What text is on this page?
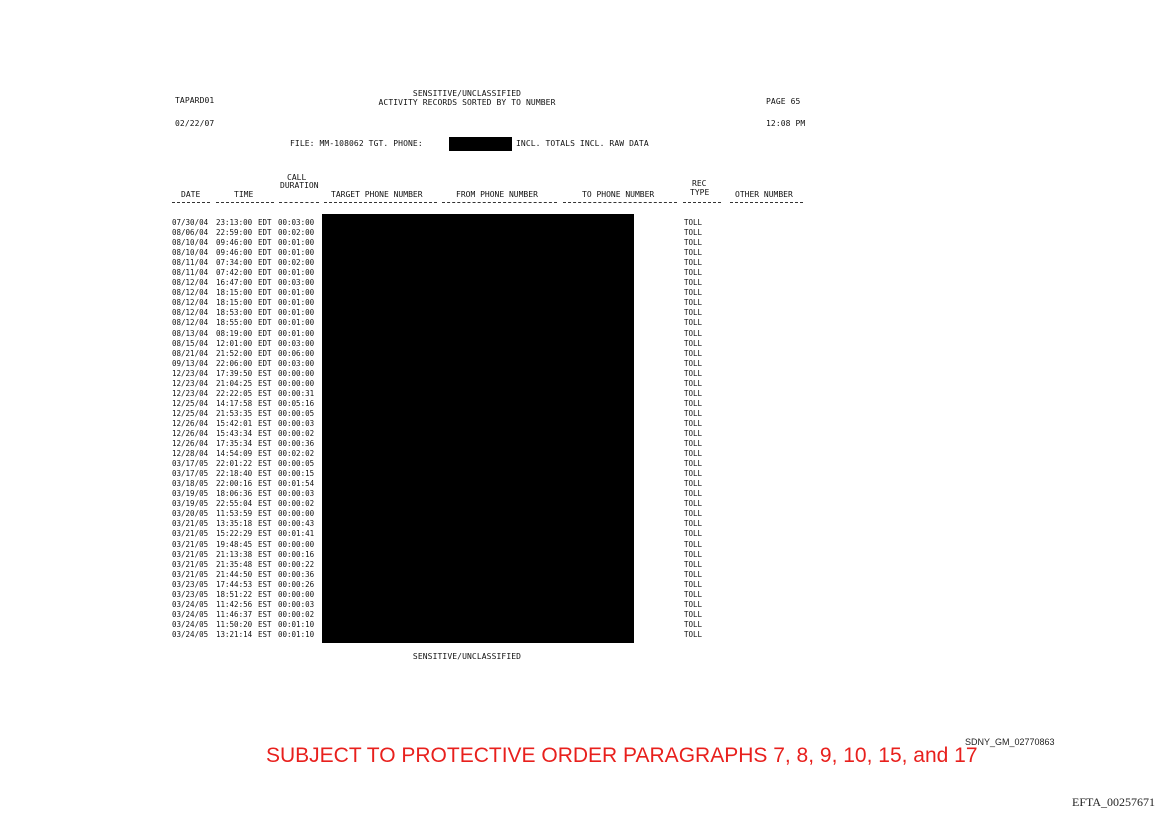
TAPARD01
SENSITIVE/UNCLASSIFIED
ACTIVITY RECORDS SORTED BY TO NUMBER	PAGE 65
02/22/07	12:08 PM
FILE: MM-108062 TGT. PHONE:	INCL. TOTALS INCL. RAW DATA
CALL
DURATION
DATE	TIME	TARGET PHONE NUMBER	FROM PHONE NUMBER	TO PHONE NUMBER
REC
TYPE	OTHER NUMBER
07/30/04 23:13:00 EDT 00:03:00	TOLL
08/06/04 22:59:00 EDT 00:02:00	TOLL
08/10/04 09:46:00 EDT 00:01:00	TOLL
08/10/04 09:46:00 EDT 00:01:00	TOLL
08/11/04 07:34:00 EDT 00:02:00	TOLL
08/11/04 07:42:00 EDT 00:01:00	TOLL
08/12/04 16:47:00 EDT 00:03:00	TOLL
08/12/04 18:15:00 EDT 00:01:00	TOLL
08/12/04 18:15:00 EDT 00:01:00	TOLL
08/12/04 18:53:00 EDT 00:01:00	TOLL
08/12/04 18:55:00 EDT 00:01:00	TOLL
08/13/04 08:19:00 EDT 00:01:00	TOLL
08/15/04 12:01:00 EDT 00:03:00	TOLL
08/21/04 21:52:00 EDT 00:06:00	TOLL
09/13/04 22:06:00 EDT 00:03:00	TOLL
12/23/04 17:39:50 EST 00:00:00	TOLL
12/23/04 21:04:25 EST 00:00:00	TOLL
12/23/04 22:22:05 EST 00:00:31	TOLL
12/25/04 14:17:58 EST 00:05:16	TOLL
12/25/04 21:53:35 EST 00:00:05	TOLL
12/26/04 15:42:01 EST 00:00:03	TOLL
12/26/04 15:43:34 EST 00:00:02	TOLL
12/26/04 17:35:34 EST 00:00:36	TOLL
12/28/04 14:54:09 EST 00:02:02	TOLL
03/17/05 22:01:22 EST 00:00:05	TOLL
03/17/05 22:18:40 EST 00:00:15	TOLL
03/18/05 22:00:16 EST 00:01:54	TOLL
03/19/05 18:06:36 EST 00:00:03	TOLL
03/19/05 22:55:04 EST 00:00:02	TOLL
03/20/05 11:53:59 EST 00:00:00	TOLL
03/21/05 13:35:18 EST 00:00:43	TOLL
03/21/05 15:22:29 EST 00:01:41	TOLL
03/21/05 19:48:45 EST 00:00:00	TOLL
03/21/05 21:13:38 EST 00:00:16	TOLL
03/21/05 21:35:48 EST 00:00:22	TOLL
03/21/05 21:44:50 EST 00:00:36	TOLL
03/23/05 17:44:53 EST 00:00:26	TOLL
03/23/05 18:51:22 EST 00:00:00	TOLL
03/24/05 11:42:56 EST 00:00:03	TOLL
03/24/05 11:46:37 EST 00:00:02	TOLL
03/24/05 11:50:20 EST 00:01:10	TOLL
03/24/05 13:21:14 EST 00:01:10	TOLL
SENSITIVE/UNCLASSIFIED
SDNY_GM_02770863
SUBJECT TO PROTECTIVE ORDER PARAGRAPHS 7, 8, 9, 10, 15, and 17
EFTA_00257671
